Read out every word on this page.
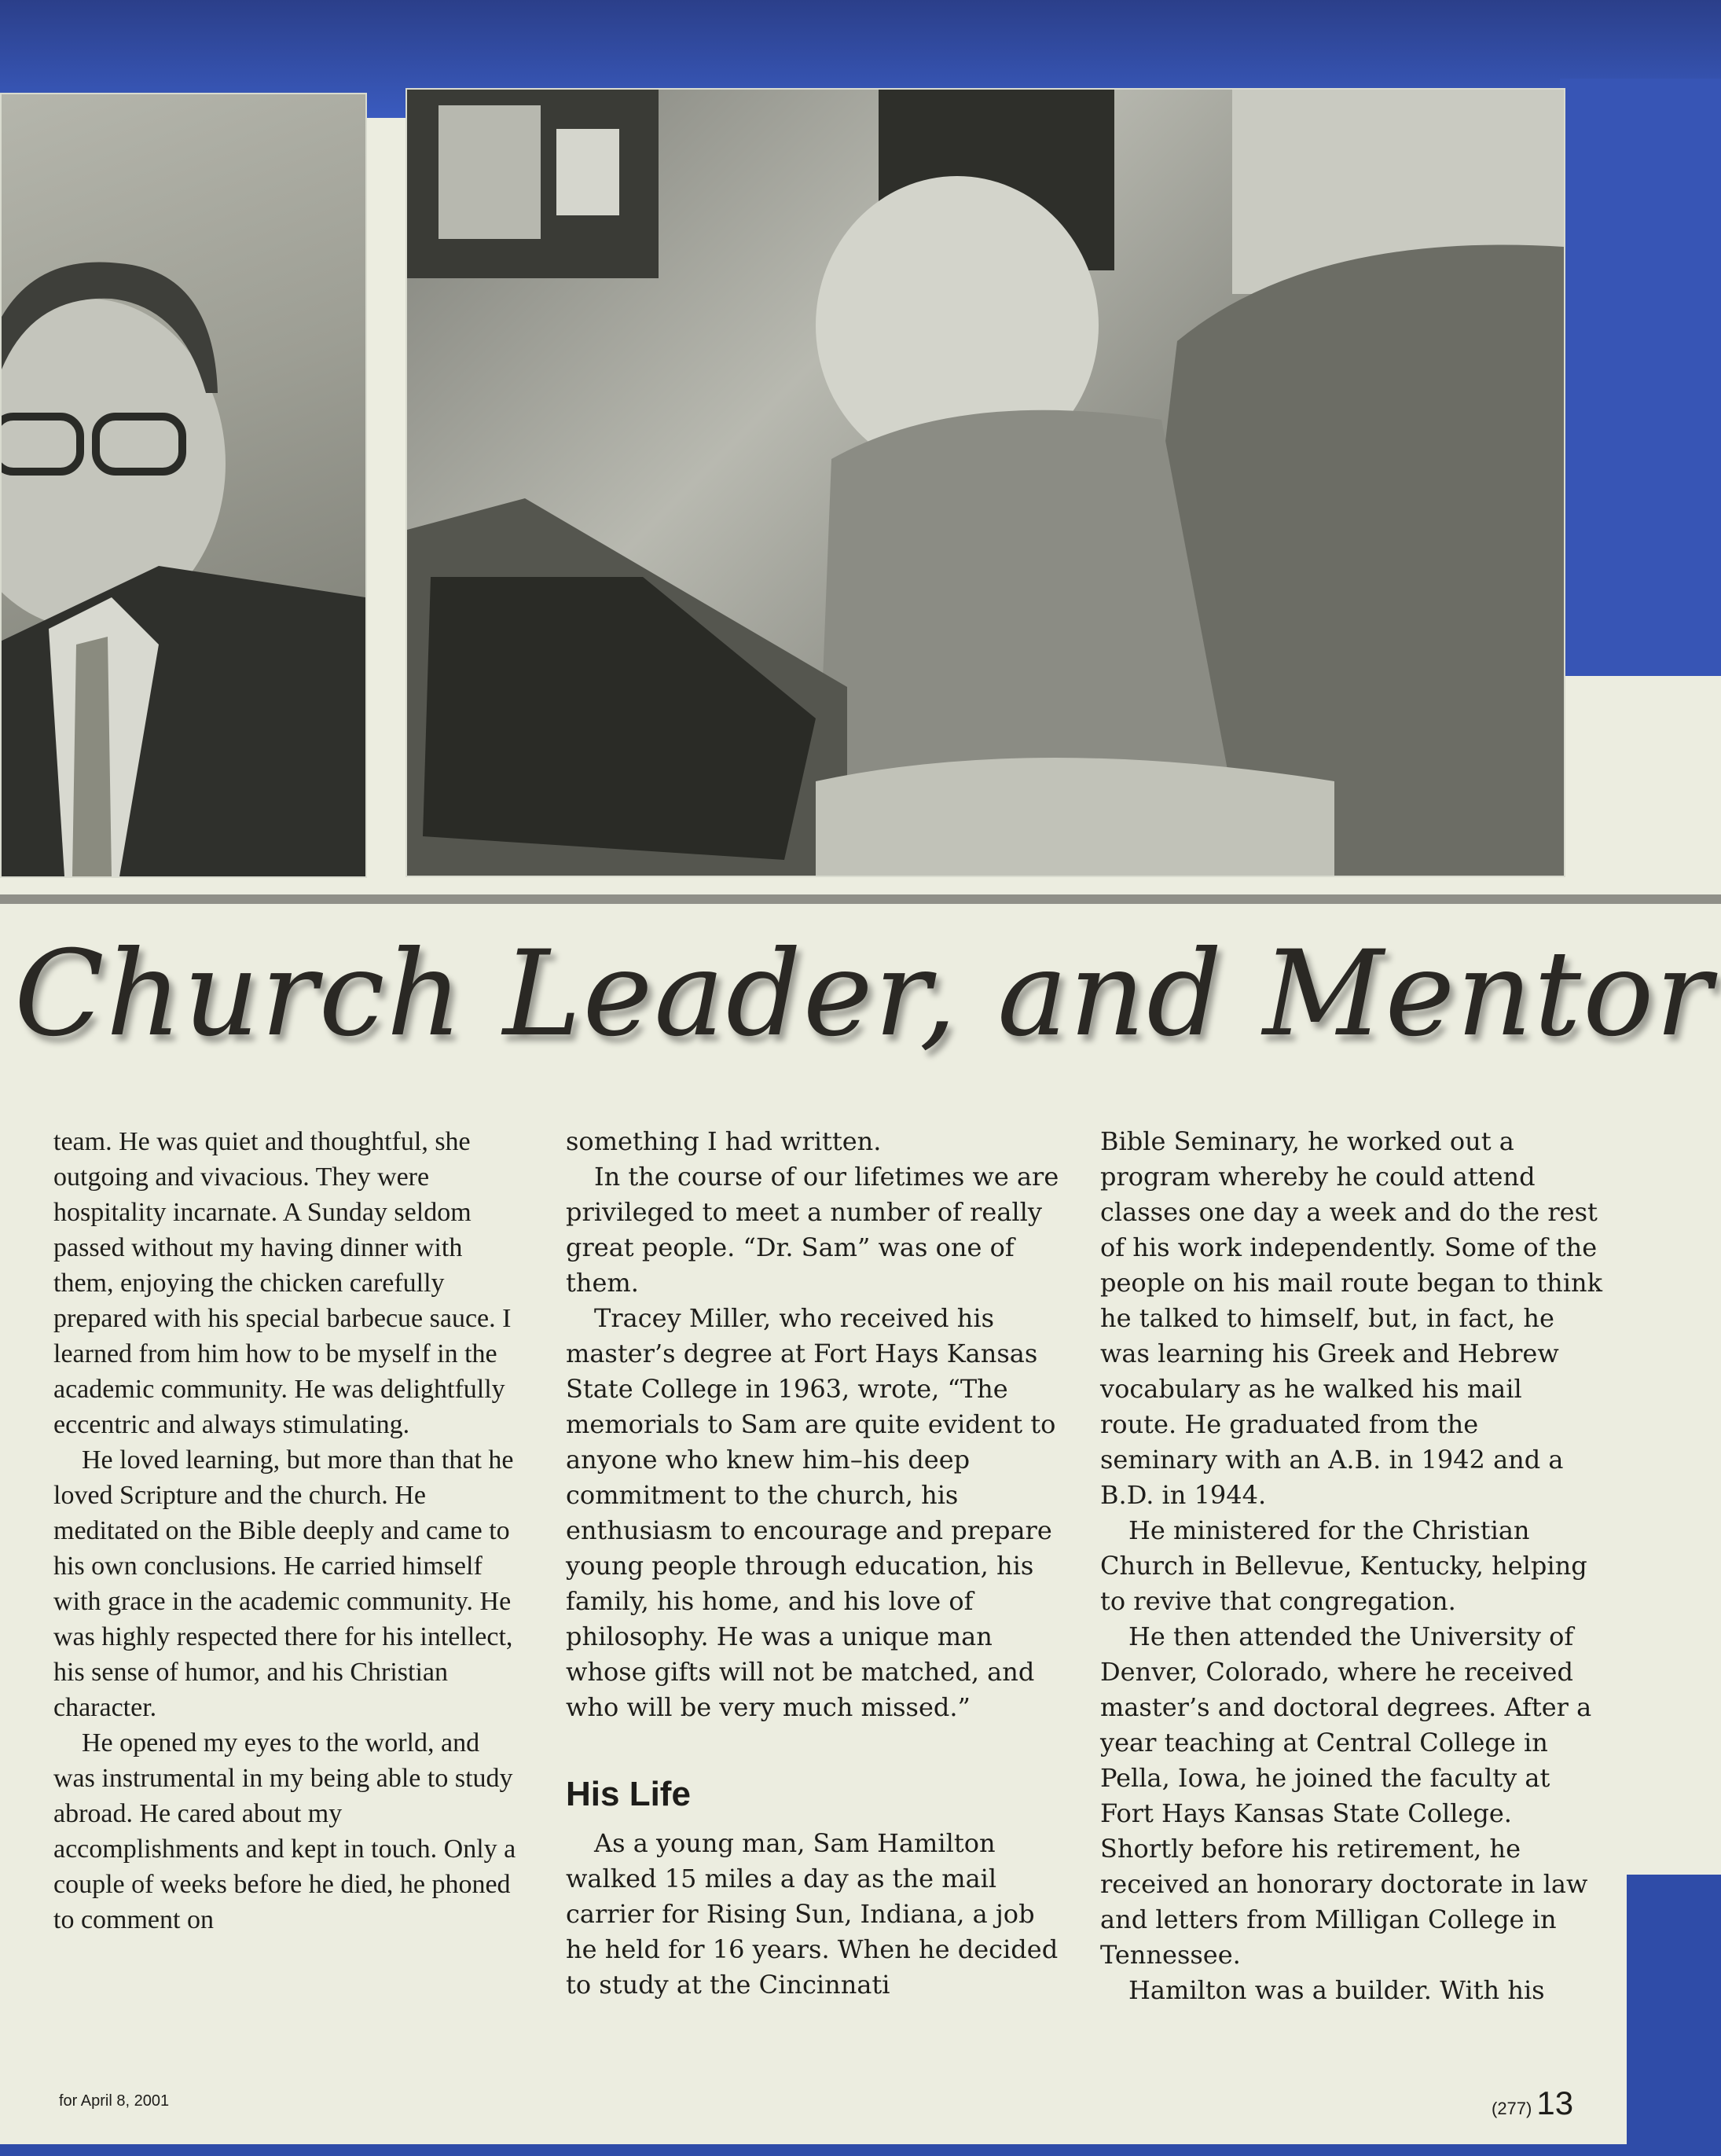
Church Leader, and Mentor

team. He was quiet and thoughtful, she outgoing and vivacious. They were hospitality incarnate. A Sunday seldom passed without my having dinner with them, enjoying the chicken carefully prepared with his special barbecue sauce. I learned from him how to be myself in the academic community. He was delightfully eccentric and always stimulating.

He loved learning, but more than that he loved Scripture and the church. He meditated on the Bible deeply and came to his own conclusions. He carried himself with grace in the academic community. He was highly respected there for his intellect, his sense of humor, and his Christian character.

He opened my eyes to the world, and was instrumental in my being able to study abroad. He cared about my accomplishments and kept in touch. Only a couple of weeks before he died, he phoned to comment on

something I had written.

In the course of our lifetimes we are privileged to meet a number of really great people. “Dr. Sam” was one of them.

Tracey Miller, who received his master’s degree at Fort Hays Kansas State College in 1963, wrote, “The memorials to Sam are quite evident to anyone who knew him–his deep commitment to the church, his enthusiasm to encourage and prepare young people through education, his family, his home, and his love of philosophy. He was a unique man whose gifts will not be matched, and who will be very much missed.”

His Life

As a young man, Sam Hamilton walked 15 miles a day as the mail carrier for Rising Sun, Indiana, a job he held for 16 years. When he decided to study at the Cincinnati

Bible Seminary, he worked out a program whereby he could attend classes one day a week and do the rest of his work independently. Some of the people on his mail route began to think he talked to himself, but, in fact, he was learning his Greek and Hebrew vocabulary as he walked his mail route. He graduated from the seminary with an A.B. in 1942 and a B.D. in 1944.

He ministered for the Christian Church in Bellevue, Kentucky, helping to revive that congregation.

He then attended the University of Denver, Colorado, where he received master’s and doctoral degrees. After a year teaching at Central College in Pella, Iowa, he joined the faculty at Fort Hays Kansas State College. Shortly before his retirement, he received an honorary doctorate in law and letters from Milligan College in Tennessee.

Hamilton was a builder. With his

for April 8, 2001	(277) 13
